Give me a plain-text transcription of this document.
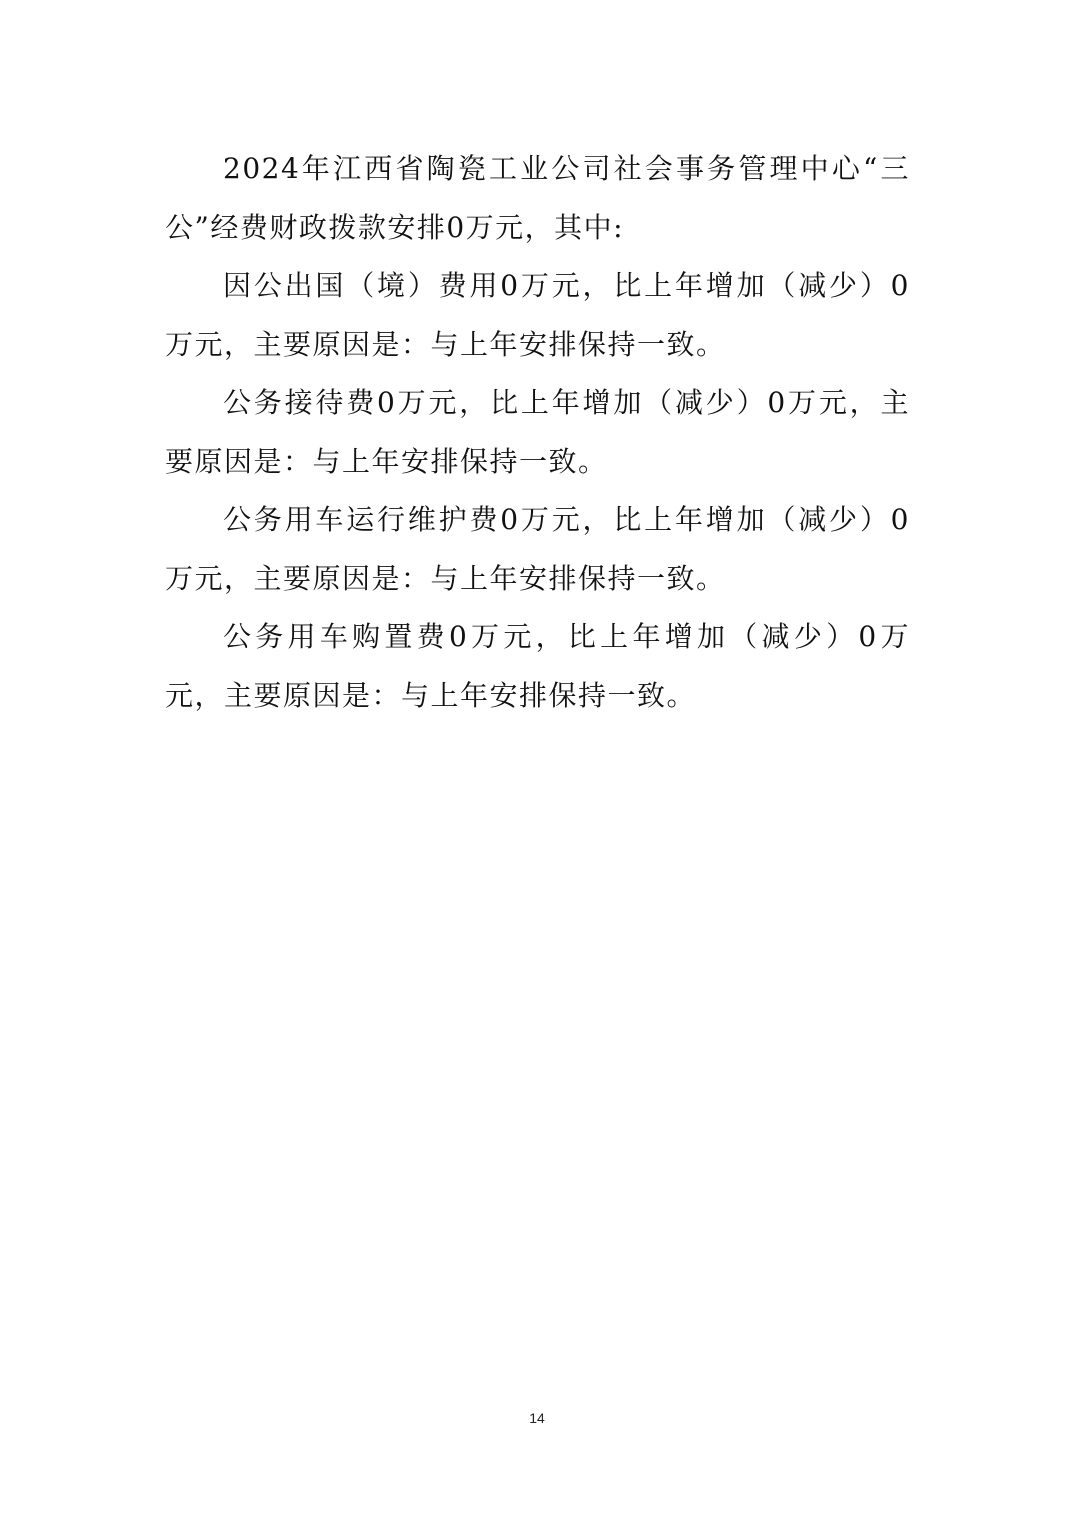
2024年江西省陶瓷工业公司社会事务管理中心“三公”经费财政拨款安排0万元，其中:

因公出国（境）费用0万元，比上年增加（减少）0万元，主要原因是：与上年安排保持一致。

公务接待费0万元，比上年增加（减少）0万元，主要原因是：与上年安排保持一致。

公务用车运行维护费0万元，比上年增加（减少）0万元，主要原因是：与上年安排保持一致。

公务用车购置费0万元，比上年增加（减少）0万元，主要原因是：与上年安排保持一致。

14
